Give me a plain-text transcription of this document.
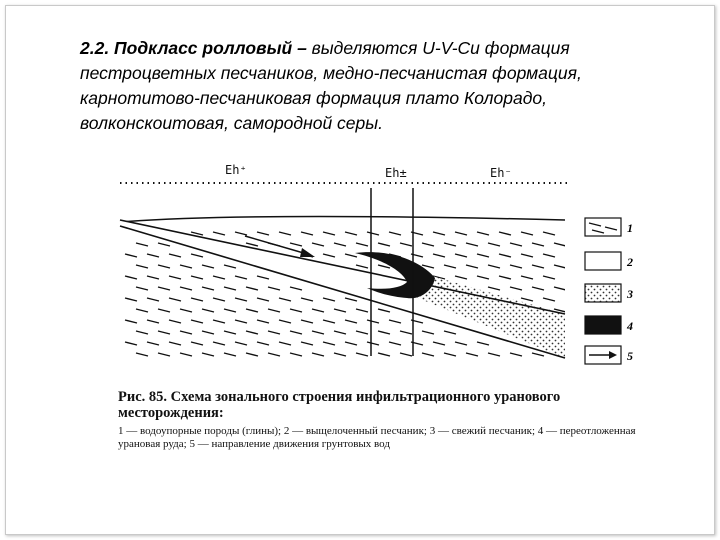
2.2. Подкласс ролловый – выделяются U-V-Cu формация пестроцветных песчаников, медно-песчанистая формация, карнотитово-песчаниковая формация плато Колорадо, волконскоитовая, самородной серы.
Eh⁺	Eh±	Eh⁻
1
2
3
4
5
Рис. 85. Схема зонального строения инфильтрационного уранового месторождения:
1 — водоупорные породы (глины); 2 — выщелоченный песчаник; 3 — свежий песчаник; 4 — переотложенная урановая руда; 5 — направление движения грунтовых вод
